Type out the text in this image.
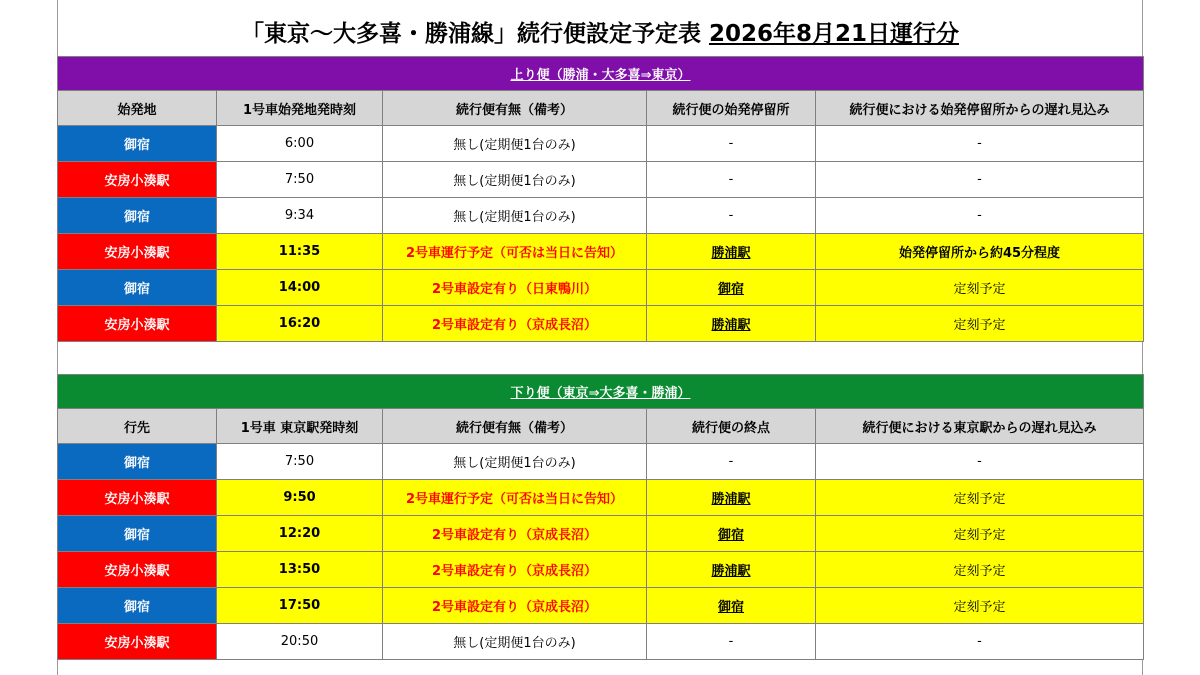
「東京〜大多喜・勝浦線」続行便設定予定表 2026年8月21日運行分
上り便（勝浦・大多喜⇒東京）				
始発地	1号車始発地発時刻	続行便有無（備考）	続行便の始発停留所	続行便における始発停留所からの遅れ見込み
御宿	6:00	無し(定期便1台のみ)	-	-
安房小湊駅	7:50	無し(定期便1台のみ)	-	-
御宿	9:34	無し(定期便1台のみ)	-	-
安房小湊駅	11:35	2号車運行予定（可否は当日に告知）	勝浦駅	始発停留所から約45分程度
御宿	14:00	2号車設定有り（日東鴨川）	御宿	定刻予定
安房小湊駅	16:20	2号車設定有り（京成長沼）	勝浦駅	定刻予定
下り便（東京⇒大多喜・勝浦）				
行先	1号車 東京駅発時刻	続行便有無（備考）	続行便の終点	続行便における東京駅からの遅れ見込み
御宿	7:50	無し(定期便1台のみ)	-	-
安房小湊駅	9:50	2号車運行予定（可否は当日に告知）	勝浦駅	定刻予定
御宿	12:20	2号車設定有り（京成長沼）	御宿	定刻予定
安房小湊駅	13:50	2号車設定有り（京成長沼）	勝浦駅	定刻予定
御宿	17:50	2号車設定有り（京成長沼）	御宿	定刻予定
安房小湊駅	20:50	無し(定期便1台のみ)	-	-
